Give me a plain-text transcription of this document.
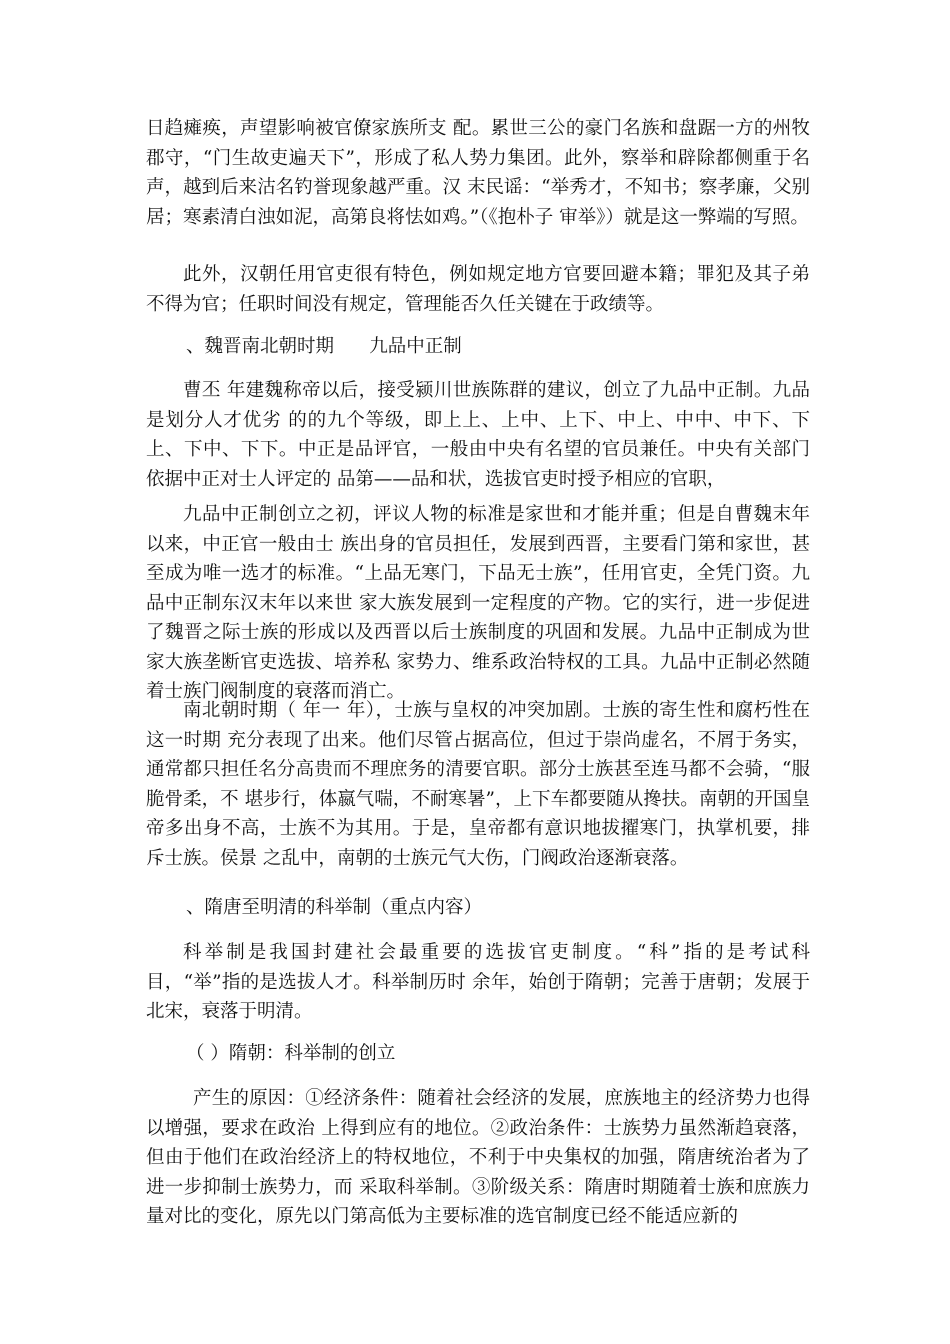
日趋瘫痪，声望影响被官僚家族所支 配。累世三公的豪门名族和盘踞一方的州牧郡守，“门生故吏遍天下”，形成了私人势力集团。此外，察举和辟除都侧重于名声，越到后来沽名钓誉现象越严重。汉 末民谣：“举秀才，不知书；察孝廉，父别居；寒素清白浊如泥，高第良将怯如鸡。”（《抱朴子 审举》）就是这一弊端的写照。

此外，汉朝任用官吏很有特色，例如规定地方官要回避本籍；罪犯及其子弟不得为官；任职时间没有规定，管理能否久任关键在于政绩等。

、魏晋南北朝时期      九品中正制

曹丕 年建魏称帝以后，接受颍川世族陈群的建议，创立了九品中正制。九品是划分人才优劣 的的九个等级，即上上、上中、上下、中上、中中、中下、下上、下中、下下。中正是品评官，一般由中央有名望的官员兼任。中央有关部门依据中正对士人评定的 品第——品和状，选拔官吏时授予相应的官职，

九品中正制创立之初，评议人物的标准是家世和才能并重；但是自曹魏末年以来，中正官一般由士 族出身的官员担任，发展到西晋，主要看门第和家世，甚至成为唯一选才的标准。“上品无寒门，下品无士族”，任用官吏，全凭门资。九品中正制东汉末年以来世 家大族发展到一定程度的产物。它的实行，进一步促进了魏晋之际士族的形成以及西晋以后士族制度的巩固和发展。九品中正制成为世家大族垄断官吏选拔、培养私 家势力、维系政治特权的工具。九品中正制必然随着士族门阀制度的衰落而消亡。

南北朝时期（ 年一 年），士族与皇权的冲突加剧。士族的寄生性和腐朽性在这一时期 充分表现了出来。他们尽管占据高位，但过于崇尚虚名，不屑于务实，通常都只担任名分高贵而不理庶务的清要官职。部分士族甚至连马都不会骑，“服脆骨柔，不 堪步行，体嬴气喘，不耐寒暑”，上下车都要随从搀扶。南朝的开国皇帝多出身不高，士族不为其用。于是，皇帝都有意识地拔擢寒门，执掌机要，排斥士族。侯景 之乱中，南朝的士族元气大伤，门阀政治逐渐衰落。

、隋唐至明清的科举制（重点内容）

科举制是我国封建社会最重要的选拔官吏制度。“科”指的是考试科目，“举”指的是选拔人才。科举制历时 余年，始创于隋朝；完善于唐朝；发展于北宋，衰落于明清。

（ ）隋朝：科举制的创立

产生的原因：①经济条件：随着社会经济的发展，庶族地主的经济势力也得以增强，要求在政治 上得到应有的地位。②政治条件：士族势力虽然渐趋衰落，但由于他们在政治经济上的特权地位，不利于中央集权的加强，隋唐统治者为了进一步抑制士族势力，而 采取科举制。③阶级关系：隋唐时期随着士族和庶族力量对比的变化，原先以门第高低为主要标准的选官制度已经不能适应新的
